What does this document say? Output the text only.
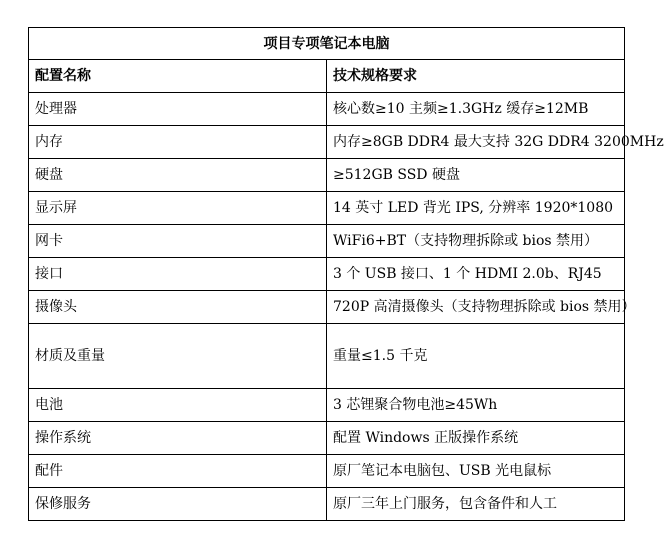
项目专项笔记本电脑	
配置名称	技术规格要求
处理器	核心数≥10 主频≥1.3GHz 缓存≥12MB
内存	内存≥8GB DDR4 最大支持 32G DDR4 3200MHz
硬盘	≥512GB SSD 硬盘
显示屏	14 英寸 LED 背光 IPS, 分辨率 1920*1080
网卡	WiFi6+BT（支持物理拆除或 bios 禁用）
接口	3 个 USB 接口、1 个 HDMI 2.0b、RJ45
摄像头	720P 高清摄像头（支持物理拆除或 bios 禁用）
材质及重量	重量≤1.5 千克
电池	3 芯锂聚合物电池≥45Wh
操作系统	配置 Windows 正版操作系统
配件	原厂笔记本电脑包、USB 光电鼠标
保修服务	原厂三年上门服务，包含备件和人工
